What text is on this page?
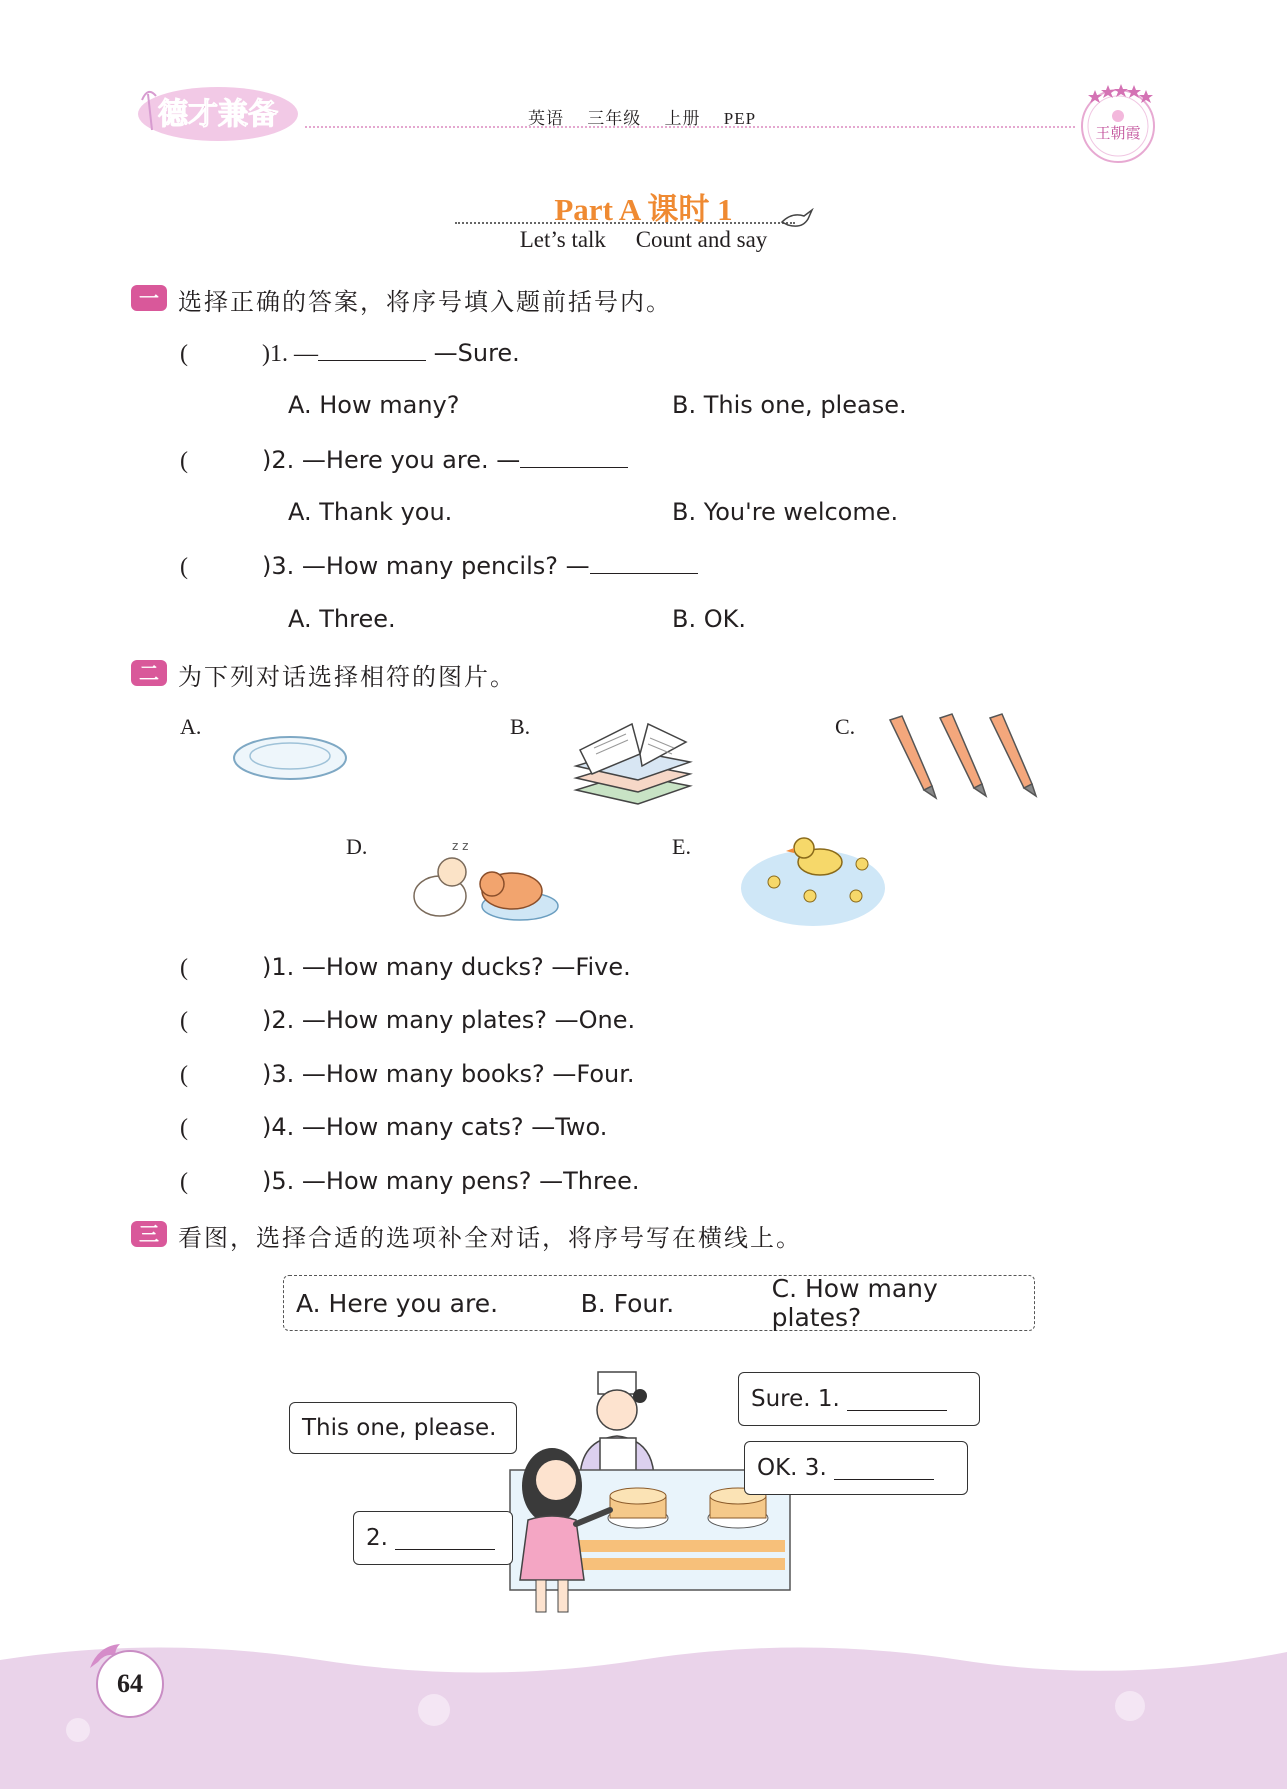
德才兼备	英语 三年级 上册 PEP
王朝霞
Part A 课时 1
Let’s talk Count and say
一 选择正确的答案，将序号填入题前括号内。
(	)1. —	—Sure.
A. How many?	B. This one, please.
(	)2. —Here you are. —
A. Thank you.	B. You're welcome.
(	)3. —How many pencils? —
A. Three.	B. OK.
二 为下列对话选择相符的图片。
A.	B.	C.
D.	z z	E.
(	)1. —How many ducks? —Five.
(	)2. —How many plates? —One.
(	)3. —How many books? —Four.
(	)4. —How many cats? —Two.
(	)5. —How many pens? —Three.
三 看图，选择合适的选项补全对话，将序号写在横线上。
A. Here you are.	B. Four.	C. How many plates?
This one, please.
Sure. 1.

OK. 3.

2.

64
